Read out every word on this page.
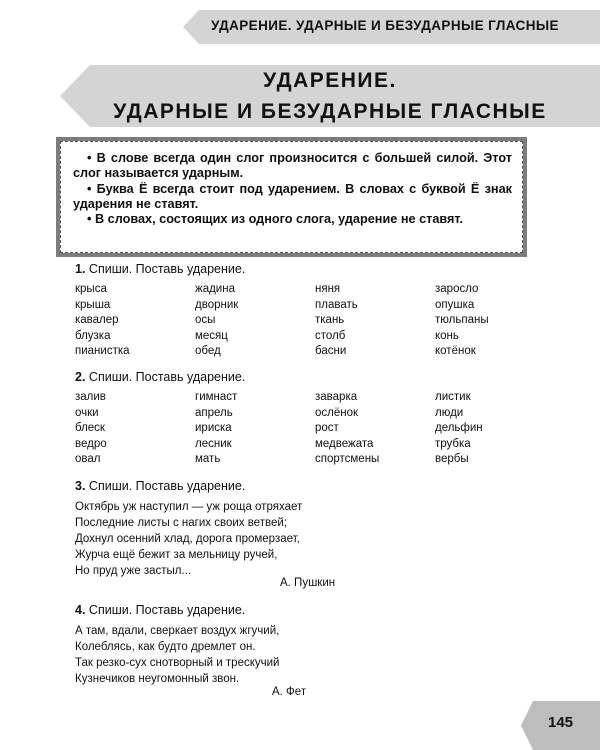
УДАРЕНИЕ. УДАРНЫЕ И БЕЗУДАРНЫЕ ГЛАСНЫЕ
УДАРЕНИЕ.
УДАРНЫЕ И БЕЗУДАРНЫЕ ГЛАСНЫЕ
• В слове всегда один слог произносится с большей силой. Этот слог называется ударным.
• Буква Ё всегда стоит под ударением. В словах с буквой Ё знак ударения не ставят.
• В словах, состоящих из одного слога, ударение не ставят.
1. Спиши. Поставь ударение.
крыса
крыша
кавалер
блузка
пианистка
жадина
дворник
осы
месяц
обед
няня
плавать
ткань
столб
басни
заросло
опушка
тюльпаны
конь
котёнок
2. Спиши. Поставь ударение.
залив
очки
блеск
ведро
овал
гимнаст
апрель
ириска
лесник
мать
заварка
ослёнок
рост
медвежата
спортсмены
листик
люди
дельфин
трубка
вербы
3. Спиши. Поставь ударение.
Октябрь уж наступил — уж роща отряхает
Последние листы с нагих своих ветвей;
Дохнул осенний хлад, дорога промерзает,
Журча ещё бежит за мельницу ручей,
Но пруд уже застыл...
А. Пушкин
4. Спиши. Поставь ударение.
А там, вдали, сверкает воздух жгучий,
Колеблясь, как будто дремлет он.
Так резко-сух снотворный и трескучий
Кузнечиков неугомонный звон.
А. Фет
145
